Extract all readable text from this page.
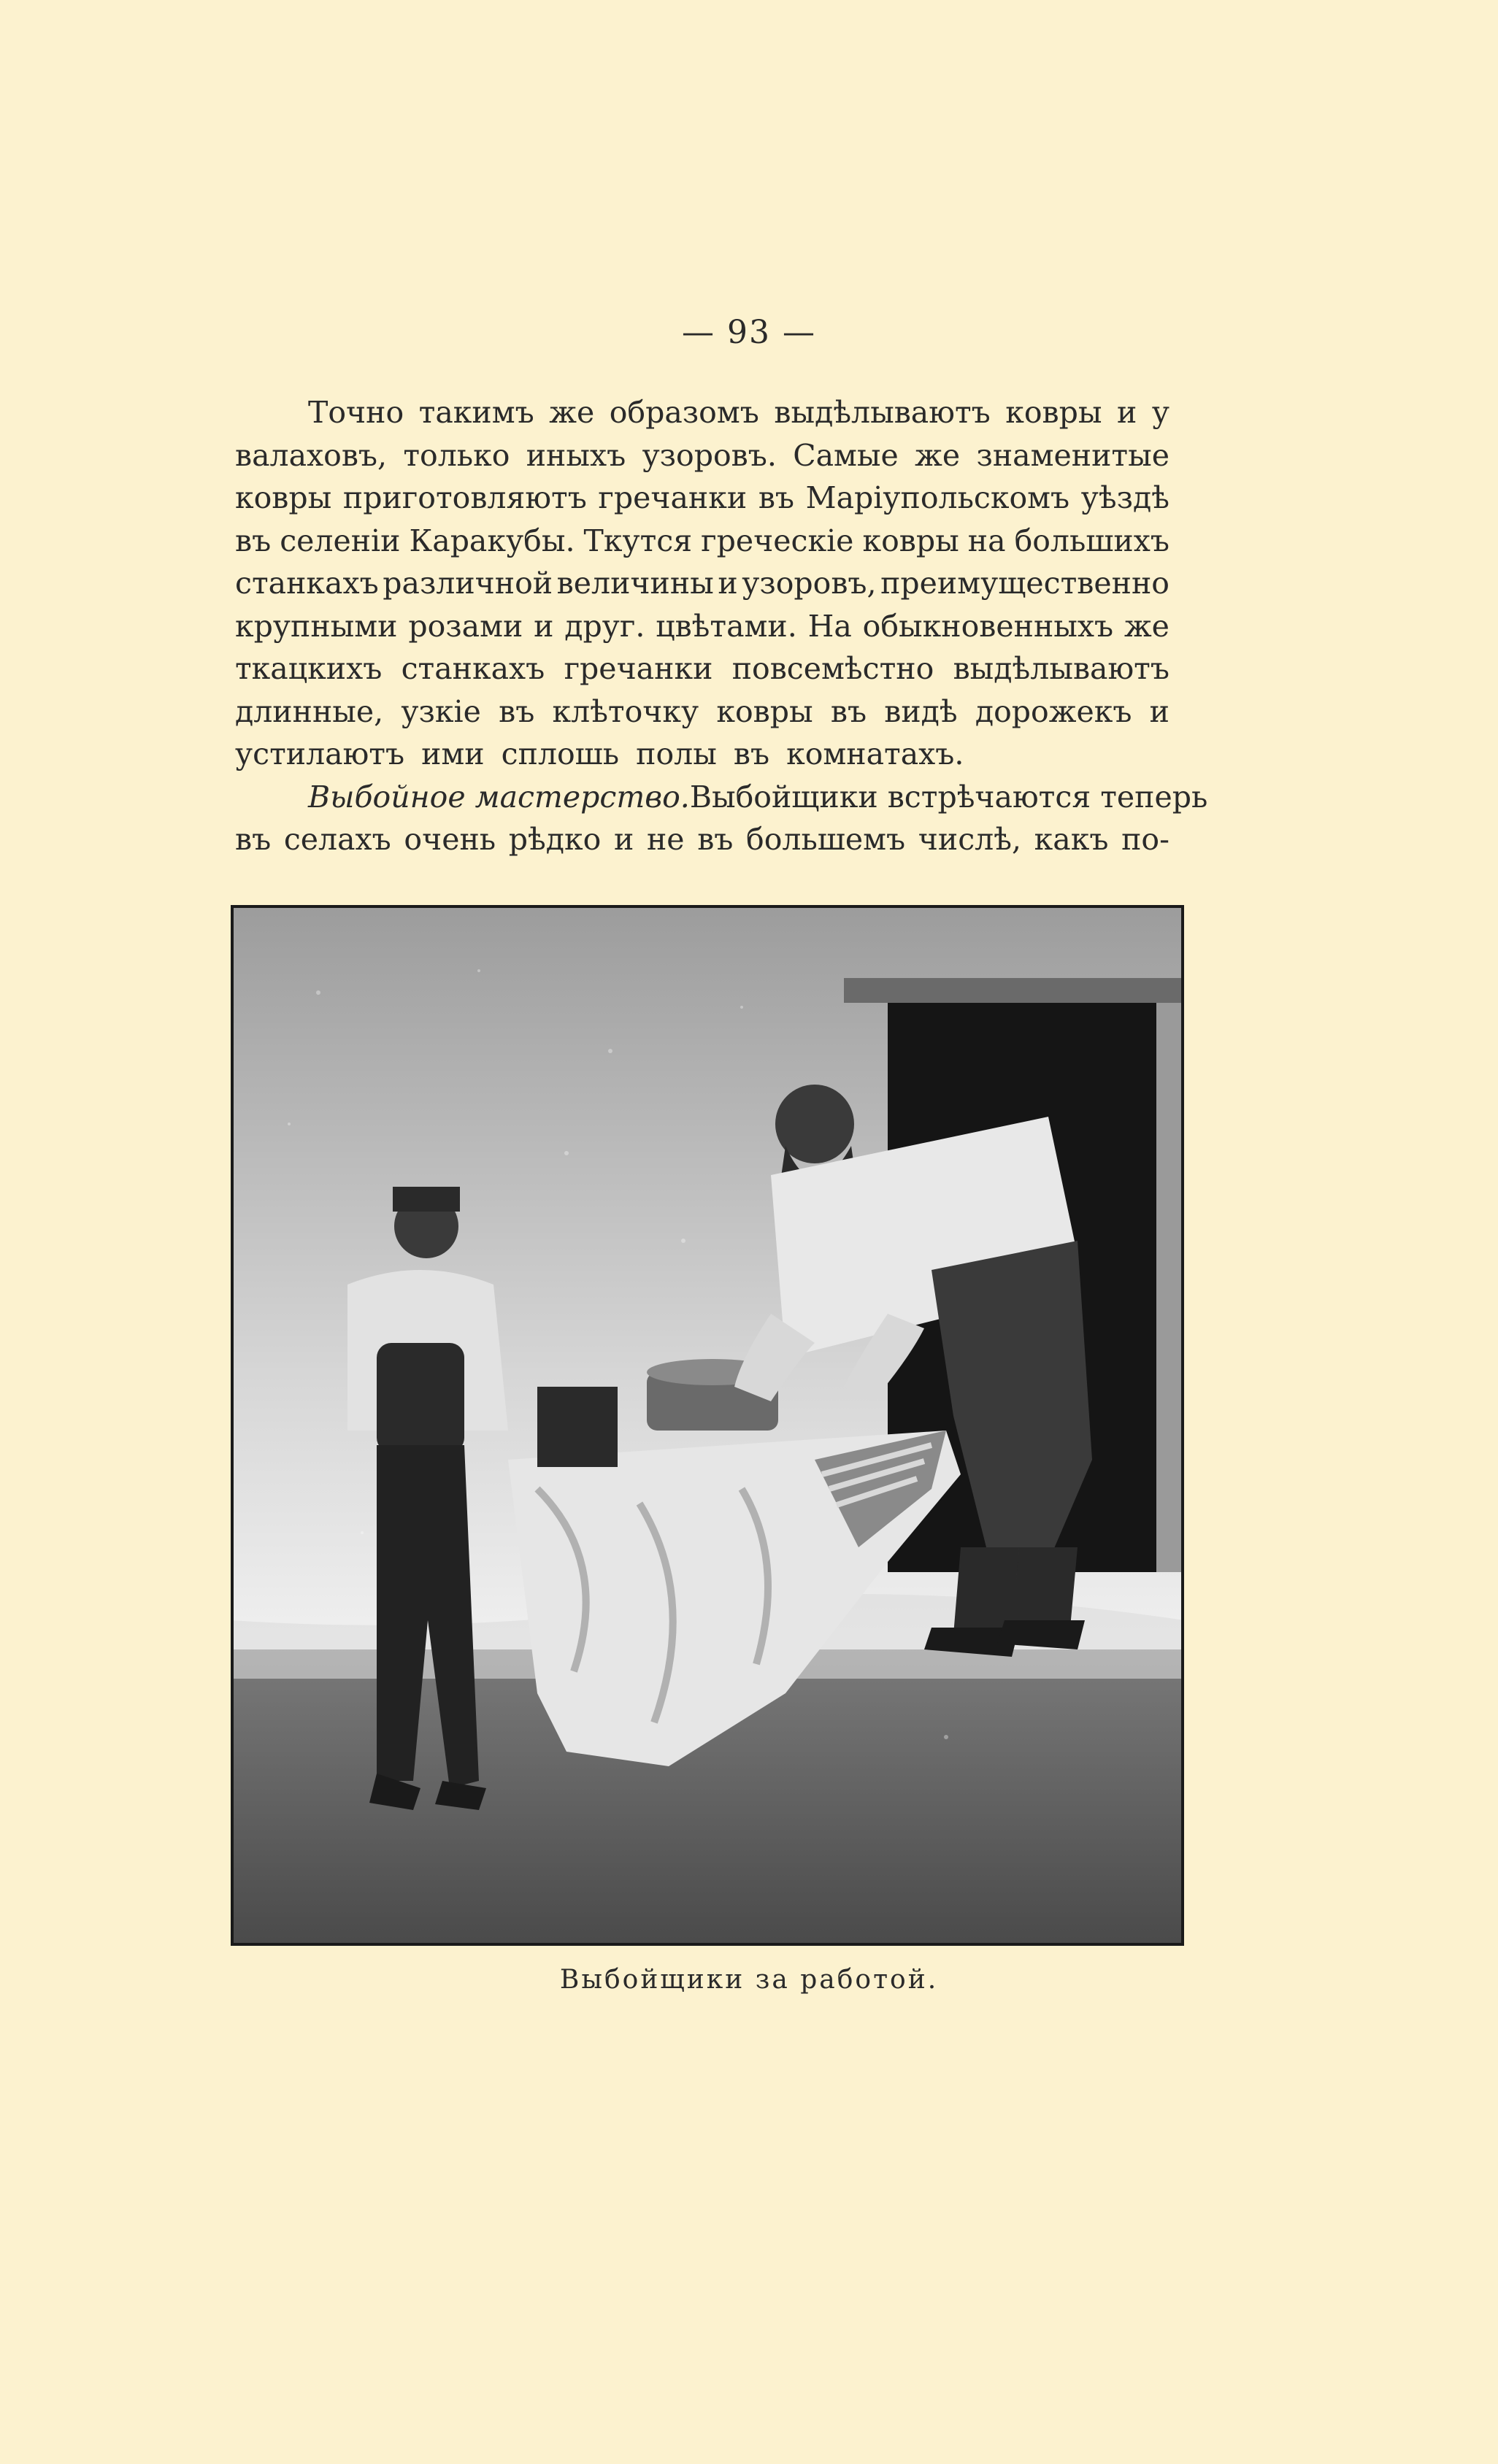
— 93 —
Точно такимъ же образомъ выдѣлываютъ ковры и у
валаховъ, только иныхъ узоровъ. Самые же знаменитые
ковры приготовляютъ гречанки въ Маріупольскомъ уѣздѣ
въ селеніи Каракубы. Ткутся греческіе ковры на большихъ
станкахъ различной величины и узоровъ, преимущественно
крупными розами и друг. цвѣтами. На обыкновенныхъ же
ткацкихъ станкахъ гречанки повсемѣстно выдѣлываютъ
длинные, узкіе въ клѣточку ковры въ видѣ дорожекъ и
устилаютъ ими сплошь полы въ комнатахъ.
Выбойное мастерство. Выбойщики встрѣчаются теперь
въ селахъ очень рѣдко и не въ большемъ числѣ, какъ по-
Выбойщики за работой.
